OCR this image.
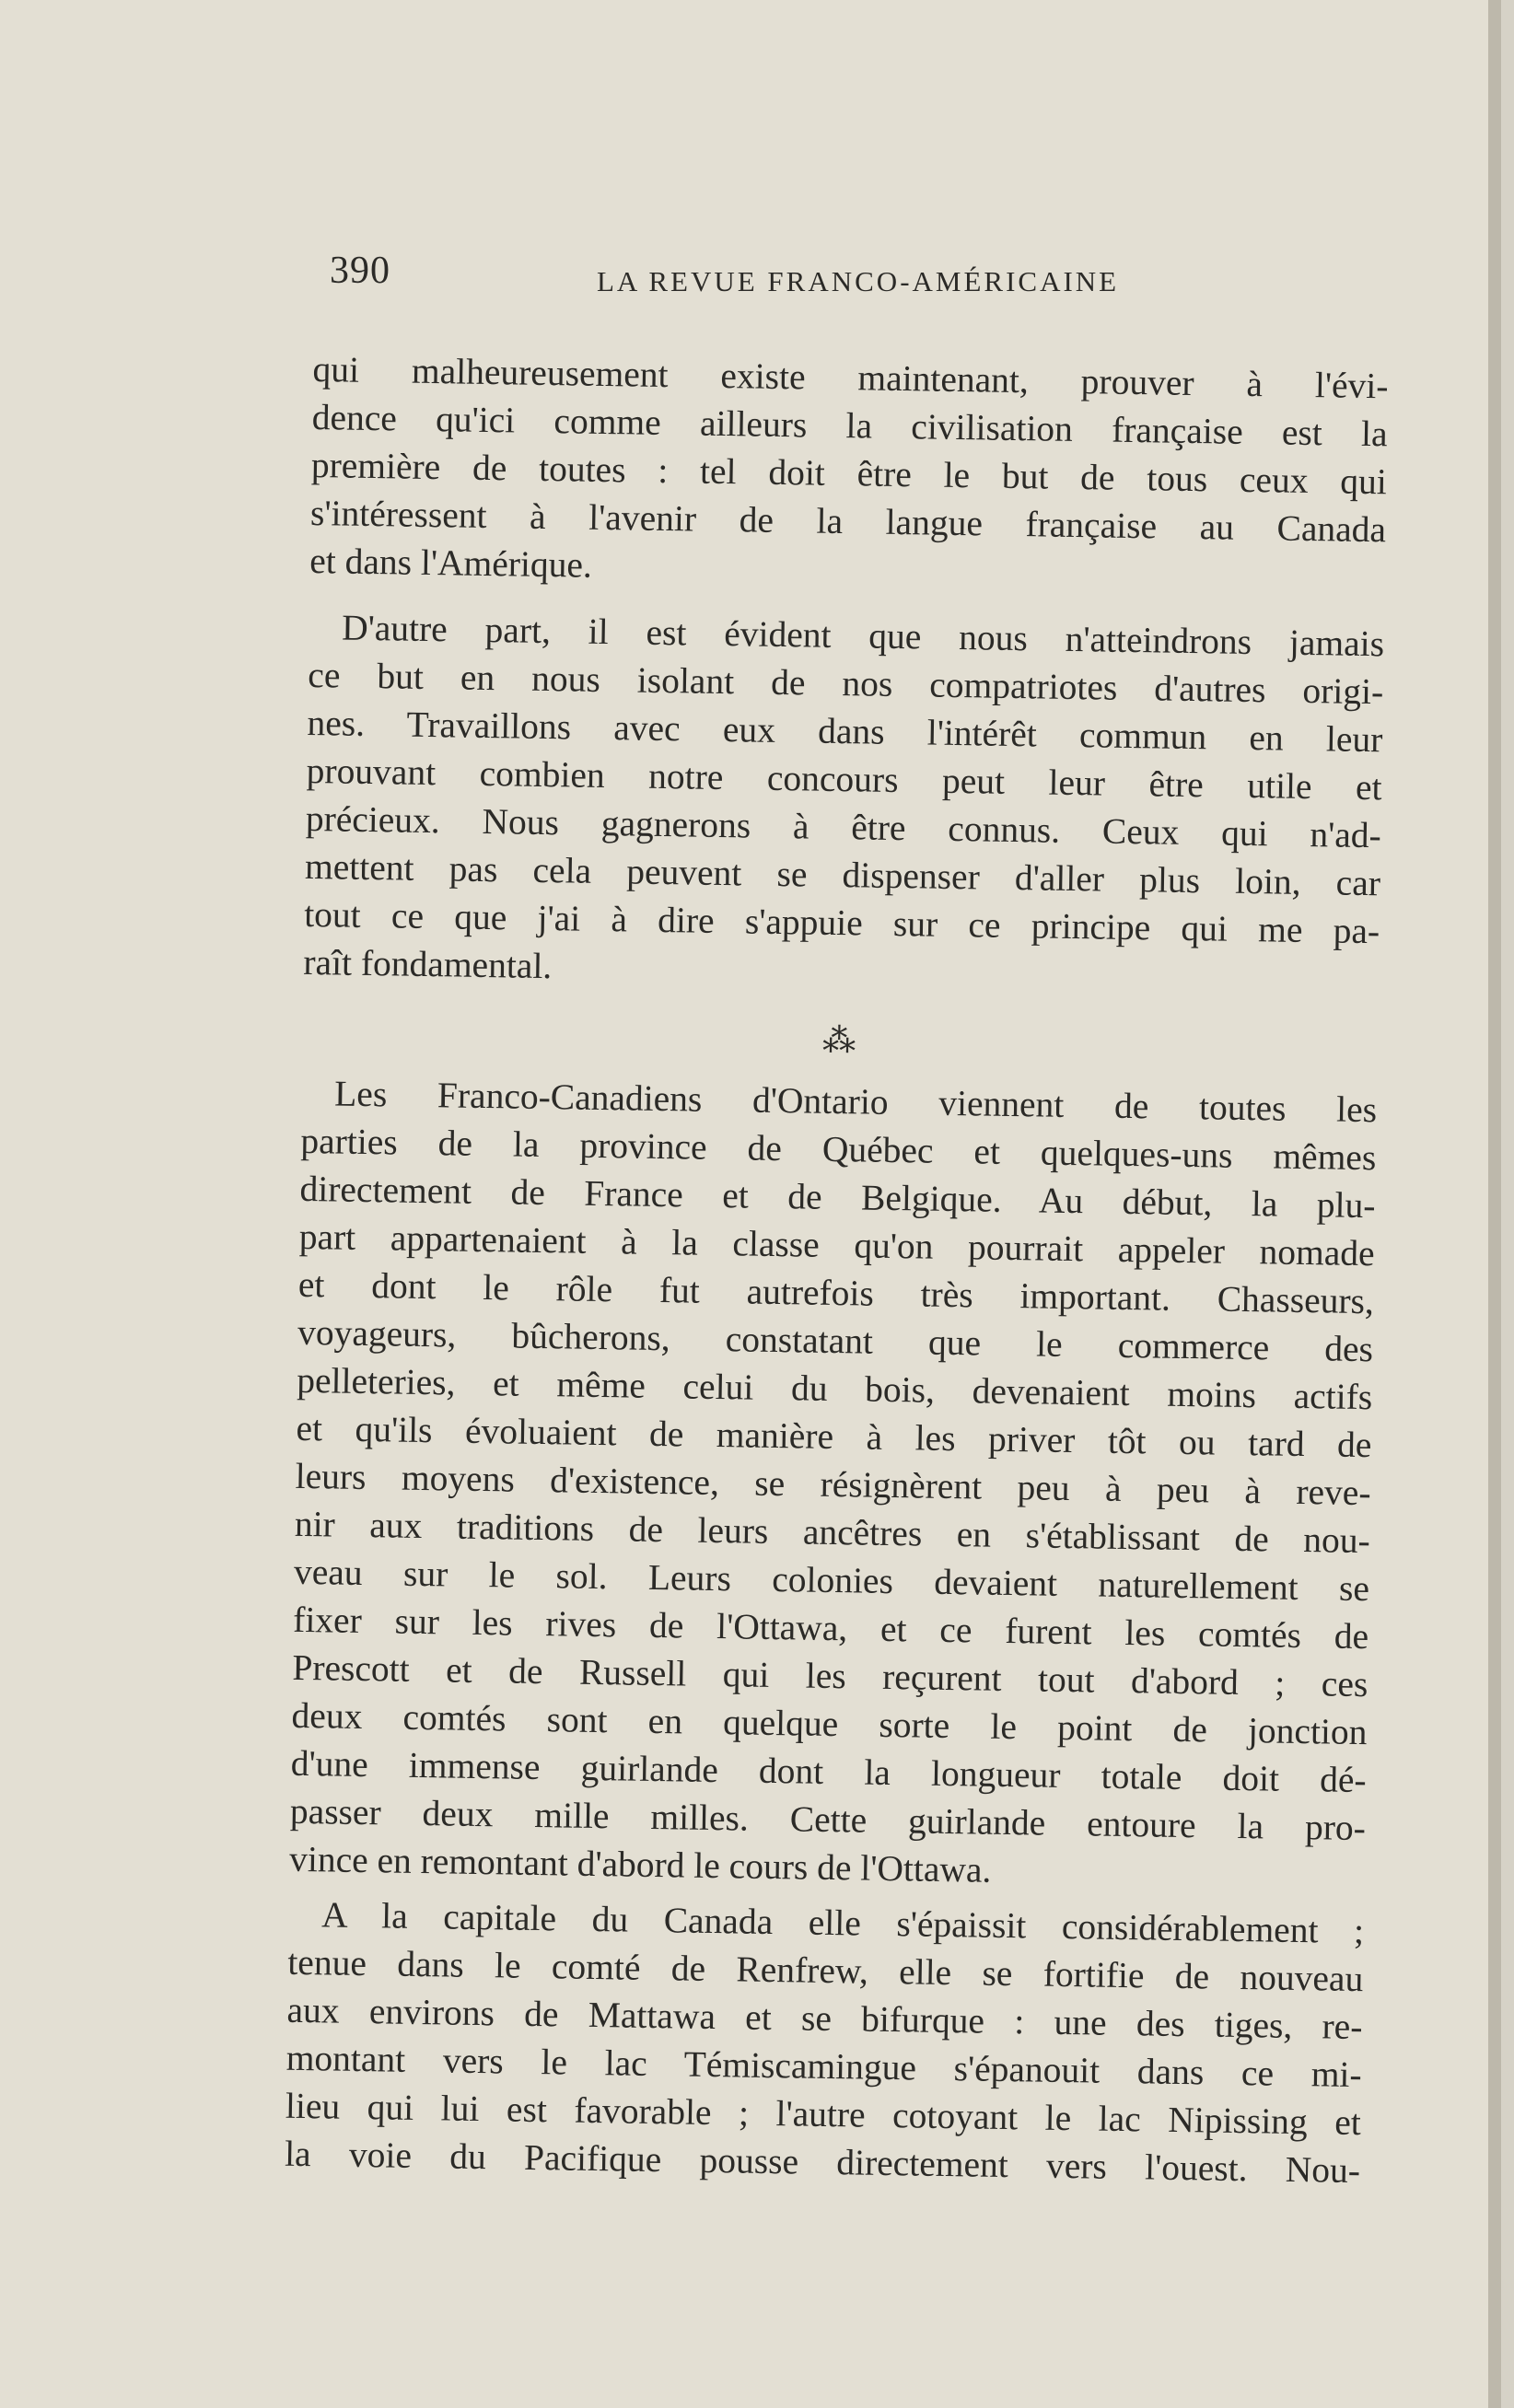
390	LA REVUE FRANCO-AMÉRICAINE
qui malheureusement existe maintenant, prouver à l'évi-
dence qu'ici comme ailleurs la civilisation française est la
première de toutes : tel doit être le but de tous ceux qui
s'intéressent à l'avenir de la langue française au Canada
et dans l'Amérique.
D'autre part, il est évident que nous n'atteindrons jamais
ce but en nous isolant de nos compatriotes d'autres origi-
nes. Travaillons avec eux dans l'intérêt commun en leur
prouvant combien notre concours peut leur être utile et
précieux. Nous gagnerons à être connus. Ceux qui n'ad-
mettent pas cela peuvent se dispenser d'aller plus loin, car
tout ce que j'ai à dire s'appuie sur ce principe qui me pa-
raît fondamental.
⁂
Les Franco-Canadiens d'Ontario viennent de toutes les
parties de la province de Québec et quelques-uns mêmes
directement de France et de Belgique. Au début, la plu-
part appartenaient à la classe qu'on pourrait appeler nomade
et dont le rôle fut autrefois très important. Chasseurs,
voyageurs, bûcherons, constatant que le commerce des
pelleteries, et même celui du bois, devenaient moins actifs
et qu'ils évoluaient de manière à les priver tôt ou tard de
leurs moyens d'existence, se résignèrent peu à peu à reve-
nir aux traditions de leurs ancêtres en s'établissant de nou-
veau sur le sol. Leurs colonies devaient naturellement se
fixer sur les rives de l'Ottawa, et ce furent les comtés de
Prescott et de Russell qui les reçurent tout d'abord ; ces
deux comtés sont en quelque sorte le point de jonction
d'une immense guirlande dont la longueur totale doit dé-
passer deux mille milles. Cette guirlande entoure la pro-
vince en remontant d'abord le cours de l'Ottawa.
A la capitale du Canada elle s'épaissit considérablement ;
tenue dans le comté de Renfrew, elle se fortifie de nouveau
aux environs de Mattawa et se bifurque : une des tiges, re-
montant vers le lac Témiscamingue s'épanouit dans ce mi-
lieu qui lui est favorable ; l'autre cotoyant le lac Nipissing et
la voie du Pacifique pousse directement vers l'ouest. Nou-
